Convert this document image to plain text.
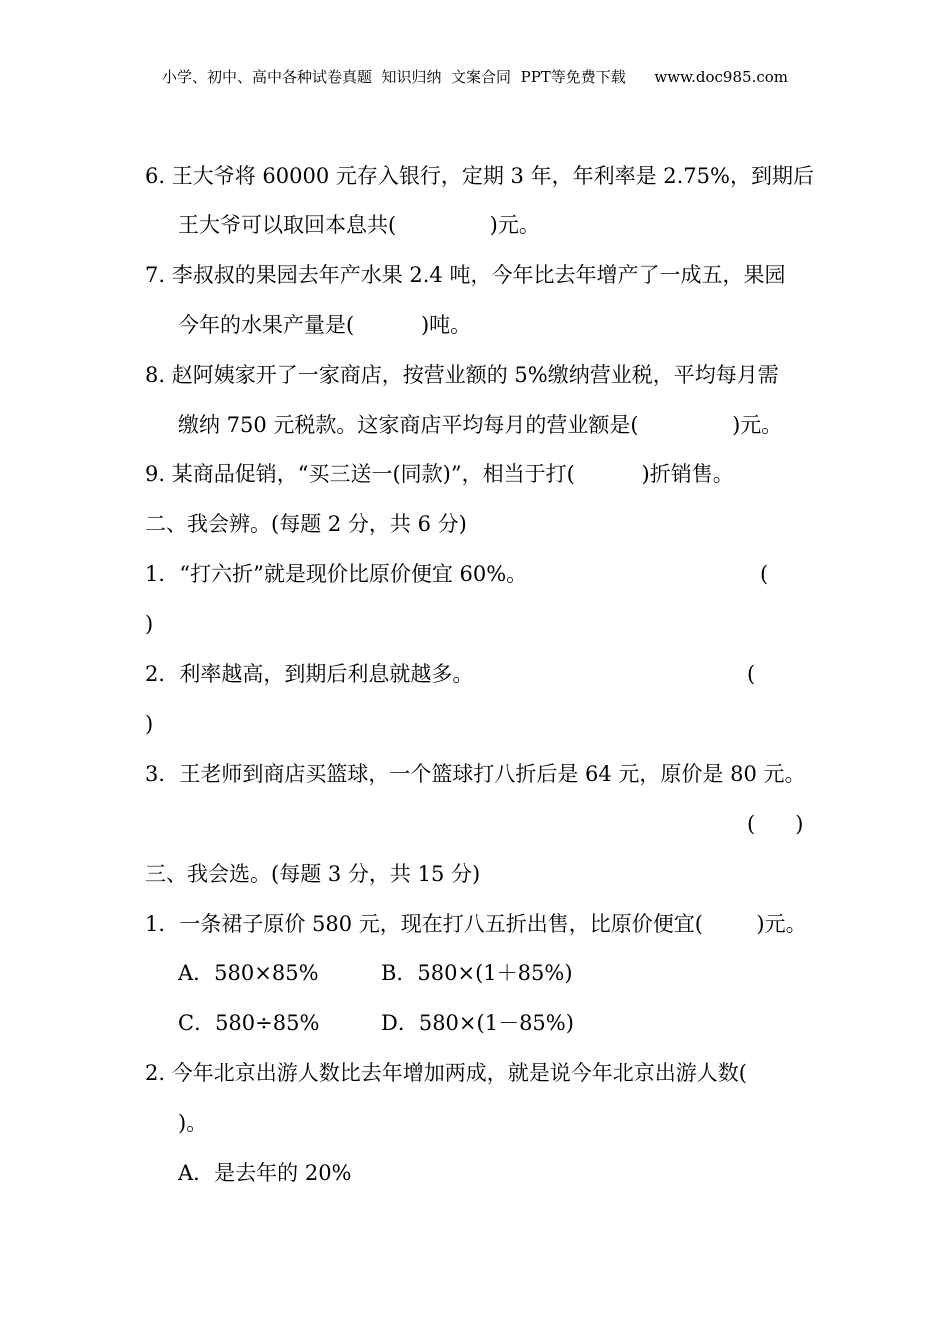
小学、初中、高中各种试卷真题  知识归纳  文案合同  PPT等免费下载      www.doc985.com
6. 王大爷将 60000 元存入银行，定期 3 年，年利率是 2.75%，到期后
王大爷可以取回本息共(              )元。
7. 李叔叔的果园去年产水果 2.4 吨，今年比去年增产了一成五，果园
今年的水果产量是(          )吨。
8. 赵阿姨家开了一家商店，按营业额的 5%缴纳营业税，平均每月需
缴纳 750 元税款。这家商店平均每月的营业额是(              )元。
9. 某商品促销，“买三送一(同款)”，相当于打(          )折销售。
二、我会辨。(每题 2 分，共 6 分)
1．“打六折”就是现价比原价便宜 60%。	(
)
2．利率越高，到期后利息就越多。	(
)
3．王老师到商店买篮球，一个篮球打八折后是 64 元，原价是 80 元。
(      )
三、我会选。(每题 3 分，共 15 分)
1．一条裙子原价 580 元，现在打八五折出售，比原价便宜(        )元。
A．580×85%	B．580×(1＋85%)
C．580÷85%	D．580×(1－85%)
2. 今年北京出游人数比去年增加两成，就是说今年北京出游人数(
)。
A．是去年的 20%
